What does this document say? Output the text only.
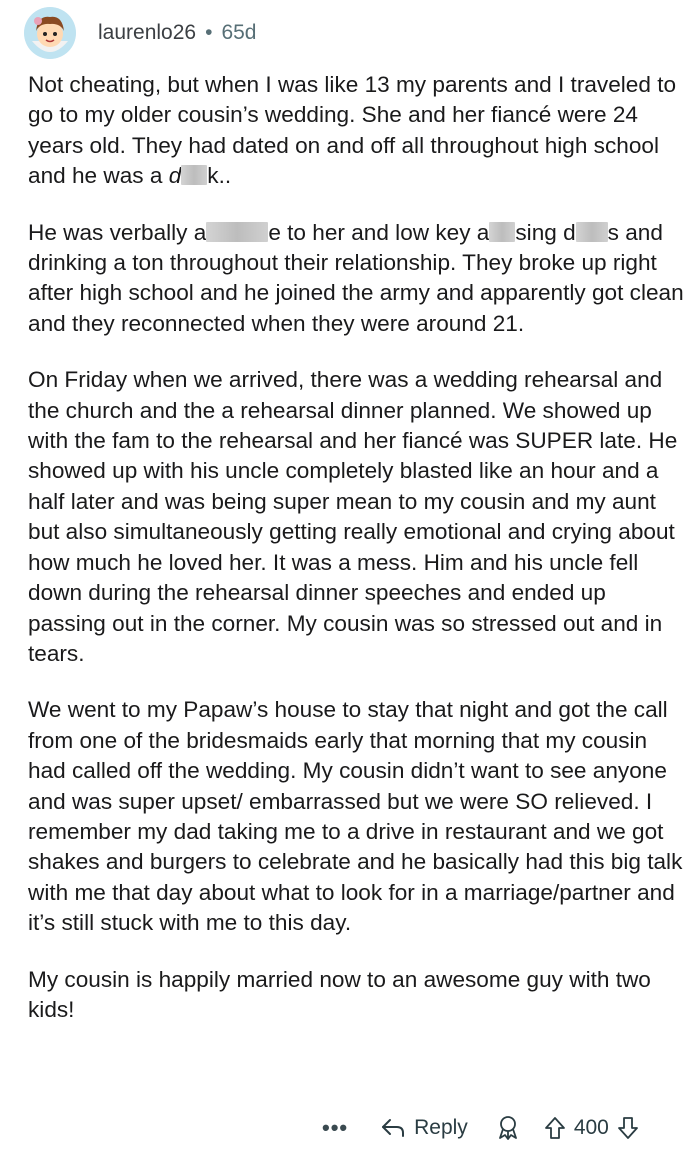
laurenlo26 • 65d

Not cheating, but when I was like 13 my parents and I traveled to go to my older cousin’s wedding. She and her fiancé were 24 years old. They had dated on and off all throughout high school and he was a d k..

He was verbally a	e to her and low key a sing d s and drinking a ton throughout their relationship. They broke up right after high school and he joined the army and apparently got clean and they reconnected when they were around 21.

On Friday when we arrived, there was a wedding rehearsal and the church and the a rehearsal dinner planned. We showed up with the fam to the rehearsal and her fiancé was SUPER late. He showed up with his uncle completely blasted like an hour and a half later and was being super mean to my cousin and my aunt but also simultaneously getting really emotional and crying about how much he loved her. It was a mess. Him and his uncle fell down during the rehearsal dinner speeches and ended up passing out in the corner. My cousin was so stressed out and in tears.

We went to my Papaw’s house to stay that night and got the call from one of the bridesmaids early that morning that my cousin had called off the wedding. My cousin didn’t want to see anyone and was super upset/ embarrassed but we were SO relieved. I remember my dad taking me to a drive in restaurant and we got shakes and burgers to celebrate and he basically had this big talk with me that day about what to look for in a marriage/partner and it’s still stuck with me to this day.

My cousin is happily married now to an awesome guy with two kids!

•••	Reply	400
